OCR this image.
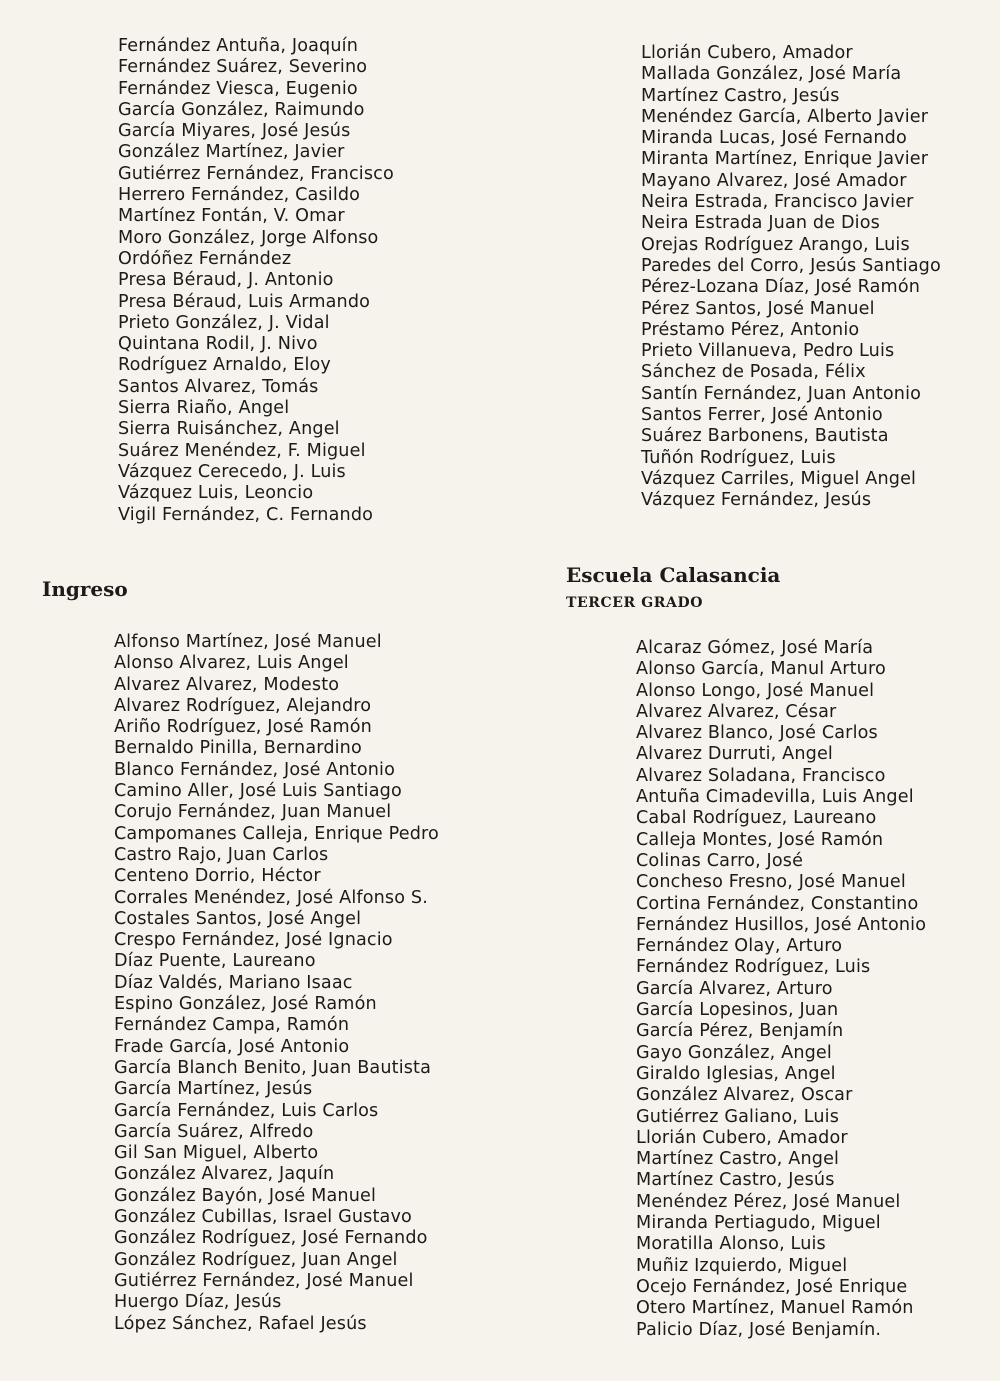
Fernández Antuña, Joaquín
Fernández Suárez, Severino
Fernández Viesca, Eugenio
García González, Raimundo
García Miyares, José Jesús
González Martínez, Javier
Gutiérrez Fernández, Francisco
Herrero Fernández, Casildo
Martínez Fontán, V. Omar
Moro González, Jorge Alfonso
Ordóñez Fernández
Presa Béraud, J. Antonio
Presa Béraud, Luis Armando
Prieto González, J. Vidal
Quintana Rodil, J. Nivo
Rodríguez Arnaldo, Eloy
Santos Alvarez, Tomás
Sierra Riaño, Angel
Sierra Ruisánchez, Angel
Suárez Menéndez, F. Miguel
Vázquez Cerecedo, J. Luis
Vázquez Luis, Leoncio
Vigil Fernández, C. Fernando
Llorián Cubero, Amador
Mallada González, José María
Martínez Castro, Jesús
Menéndez García, Alberto Javier
Miranda Lucas, José Fernando
Miranta Martínez, Enrique Javier
Mayano Alvarez, José Amador
Neira Estrada, Francisco Javier
Neira Estrada Juan de Dios
Orejas Rodríguez Arango, Luis
Paredes del Corro, Jesús Santiago
Pérez-Lozana Díaz, José Ramón
Pérez Santos, José Manuel
Préstamo Pérez, Antonio
Prieto Villanueva, Pedro Luis
Sánchez de Posada, Félix
Santín Fernández, Juan Antonio
Santos Ferrer, José Antonio
Suárez Barbonens, Bautista
Tuñón Rodríguez, Luis
Vázquez Carriles, Miguel Angel
Vázquez Fernández, Jesús
Ingreso
Escuela Calasancia
TERCER GRADO
Alfonso Martínez, José Manuel
Alonso Alvarez, Luis Angel
Alvarez Alvarez, Modesto
Alvarez Rodríguez, Alejandro
Ariño Rodríguez, José Ramón
Bernaldo Pinilla, Bernardino
Blanco Fernández, José Antonio
Camino Aller, José Luis Santiago
Corujo Fernández, Juan Manuel
Campomanes Calleja, Enrique Pedro
Castro Rajo, Juan Carlos
Centeno Dorrio, Héctor
Corrales Menéndez, José Alfonso S.
Costales Santos, José Angel
Crespo Fernández, José Ignacio
Díaz Puente, Laureano
Díaz Valdés, Mariano Isaac
Espino González, José Ramón
Fernández Campa, Ramón
Frade García, José Antonio
García Blanch Benito, Juan Bautista
García Martínez, Jesús
García Fernández, Luis Carlos
García Suárez, Alfredo
Gil San Miguel, Alberto
González Alvarez, Jaquín
González Bayón, José Manuel
González Cubillas, Israel Gustavo
González Rodríguez, José Fernando
González Rodríguez, Juan Angel
Gutiérrez Fernández, José Manuel
Huergo Díaz, Jesús
López Sánchez, Rafael Jesús
Alcaraz Gómez, José María
Alonso García, Manul Arturo
Alonso Longo, José Manuel
Alvarez Alvarez, César
Alvarez Blanco, José Carlos
Alvarez Durruti, Angel
Alvarez Soladana, Francisco
Antuña Cimadevilla, Luis Angel
Cabal Rodríguez, Laureano
Calleja Montes, José Ramón
Colinas Carro, José
Concheso Fresno, José Manuel
Cortina Fernández, Constantino
Fernández Husillos, José Antonio
Fernández Olay, Arturo
Fernández Rodríguez, Luis
García Alvarez, Arturo
García Lopesinos, Juan
García Pérez, Benjamín
Gayo González, Angel
Giraldo Iglesias, Angel
González Alvarez, Oscar
Gutiérrez Galiano, Luis
Llorián Cubero, Amador
Martínez Castro, Angel
Martínez Castro, Jesús
Menéndez Pérez, José Manuel
Miranda Pertiagudo, Miguel
Moratilla Alonso, Luis
Muñiz Izquierdo, Miguel
Ocejo Fernández, José Enrique
Otero Martínez, Manuel Ramón
Palicio Díaz, José Benjamín.
